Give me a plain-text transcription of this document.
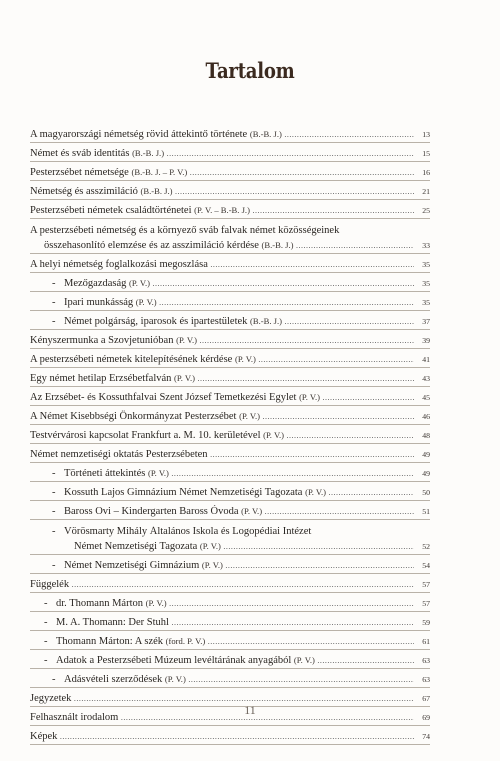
Tartalom
A magyarországi németség rövid áttekintő története (B.-B. J.) .....	13
Német és sváb identitás (B.-B. J.) .....	15
Pesterzsébet németsége (B.-B. J. – P. V.) .....	16
Németség és asszimiláció (B.-B. J.) .....	21
Pesterzsébeti németek családtörténetei (P. V. – B.-B. J.) .....	25
A pesterzsébeti németség és a környező sváb falvak német közösségeinek
összehasonlító elemzése és az asszimiláció kérdése (B.-B. J.) .....	33
A helyi németség foglalkozási megoszlása .....	35
- Mezőgazdaság (P. V.) .....	35
- Ipari munkásság (P. V.) .....	35
- Német polgárság, iparosok és ipartestületek (B.-B. J.) .....	37
Kényszermunka a Szovjetunióban (P. V.) .....	39
A pesterzsébeti németek kitelepítésének kérdése (P. V.) .....	41
Egy német hetilap Erzsébetfalván (P. V.) .....	43
Az Erzsébet- és Kossuthfalvai Szent József Temetkezési Egylet (P. V.) .....	45
A Német Kisebbségi Önkormányzat Pesterzsébet (P. V.) .....	46
Testvérvárosi kapcsolat Frankfurt a. M. 10. kerületével (P. V.) .....	48
Német nemzetiségi oktatás Pesterzsébeten .....	49
- Történeti áttekintés (P. V.) .....	49
- Kossuth Lajos Gimnázium Német Nemzetiségi Tagozata (P. V.) .....	50
- Baross Ovi – Kindergarten Baross Óvoda (P. V.) .....	51
- Vörösmarty Mihály Általános Iskola és Logopédiai Intézet
Német Nemzetiségi Tagozata (P. V.) .....	52
- Német Nemzetiségi Gimnázium (P. V.) .....	54
Függelék .....	57
- dr. Thomann Márton (P. V.) .....	57
- M. A. Thomann: Der Stuhl .....	59
- Thomann Márton: A szék (ford. P. V.) .....	61
- Adatok a Pesterzsébeti Múzeum levéltárának anyagából (P. V.) .....	63
- Adásvételi szerződések (P. V.) .....	63
Jegyzetek .....	67
Felhasznált irodalom .....	69
Képek .....	74
11
